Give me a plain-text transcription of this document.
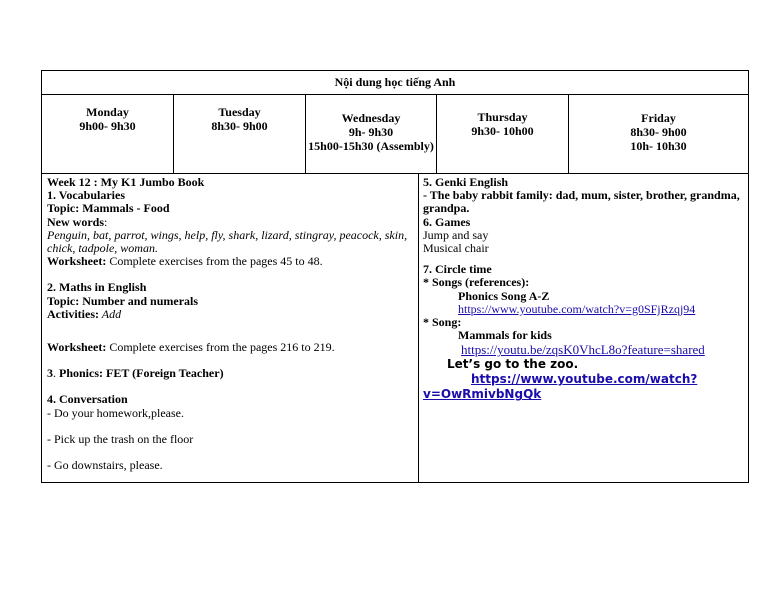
Nội dung học tiếng Anh
Monday
9h00- 9h30
Tuesday
8h30- 9h00
Wednesday
9h- 9h30
15h00-15h30 (Assembly)
Thursday
9h30- 10h00
Friday
8h30- 9h00
10h- 10h30

Week 12 : My K1 Jumbo Book

1. Vocabularies

Topic: Mammals - Food

New words:

Penguin, bat, parrot, wings, help, fly, shark, lizard, stingray, peacock, skin, chick, tadpole, woman.

Worksheet: Complete exercises from the pages 45 to 48.

2. Maths in English

Topic: Number and numerals

Activities: Add

Worksheet: Complete exercises from the pages 216 to 219.

3. Phonics: FET (Foreign Teacher)

4. Conversation

- Do your homework,please.

- Pick up the trash on the floor

- Go downstairs, please.

5. Genki English

- The baby rabbit family: dad, mum, sister, brother, grandma, grandpa.

6. Games

Jump and say

Musical chair

7. Circle time

* Songs (references):

Phonics Song A-Z

https://www.youtube.com/watch?v=g0SFjRzqj94

* Song:

Mammals for kids

https://youtu.be/zqsK0VhcL8o?feature=shared

Let’s go to the zoo.

https://www.youtube.com/watch?

v=OwRmivbNgQk
